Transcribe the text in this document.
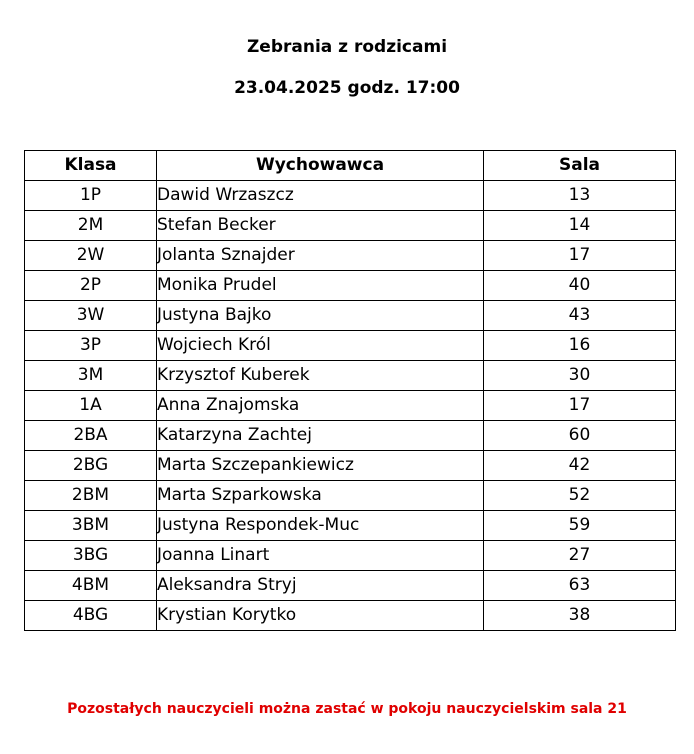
Zebrania z rodzicami
23.04.2025 godz. 17:00
Klasa	Wychowawca	Sala
1P	Dawid Wrzaszcz	13
2M	Stefan Becker	14
2W	Jolanta Sznajder	17
2P	Monika Prudel	40
3W	Justyna Bajko	43
3P	Wojciech Król	16
3M	Krzysztof Kuberek	30
1A	Anna Znajomska	17
2BA	Katarzyna Zachtej	60
2BG	Marta Szczepankiewicz	42
2BM	Marta Szparkowska	52
3BM	Justyna Respondek-Muc	59
3BG	Joanna Linart	27
4BM	Aleksandra Stryj	63
4BG	Krystian Korytko	38
Pozostałych nauczycieli można zastać w pokoju nauczycielskim sala 21
